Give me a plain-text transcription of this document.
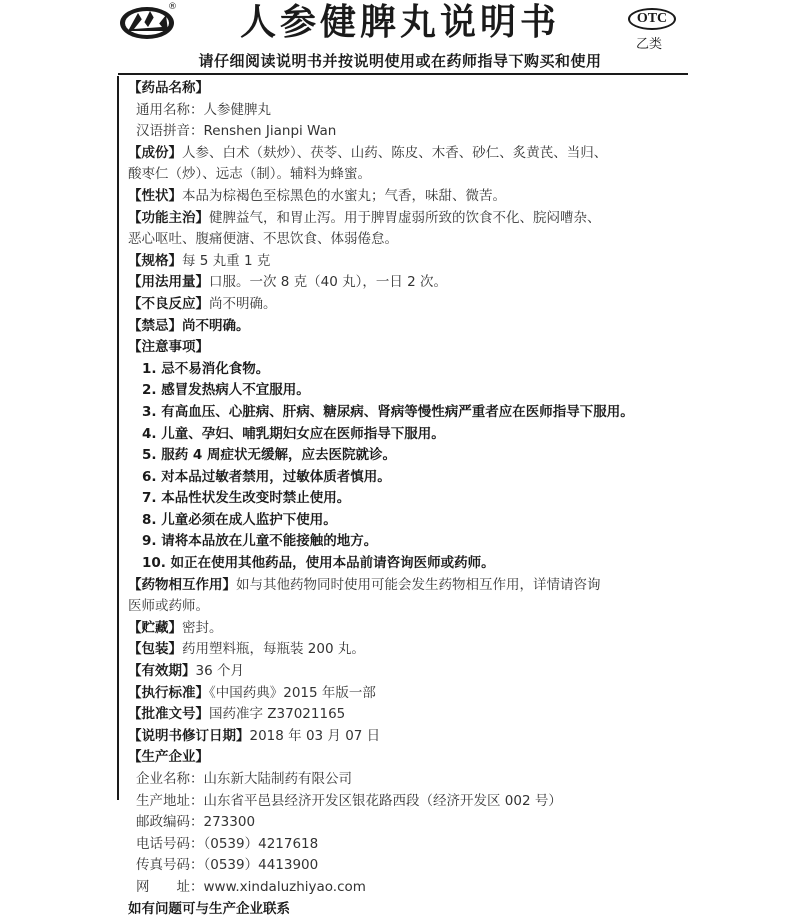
®	人参健脾丸说明书	OTC
乙类
请仔细阅读说明书并按说明使用或在药师指导下购买和使用
【药品名称】
通用名称：人参健脾丸
汉语拼音：Renshen Jianpi Wan
【成份】人参、白术（麸炒）、茯苓、山药、陈皮、木香、砂仁、炙黄芪、当归、
酸枣仁（炒）、远志（制）。辅料为蜂蜜。
【性状】本品为棕褐色至棕黑色的水蜜丸；气香，味甜、微苦。
【功能主治】健脾益气，和胃止泻。用于脾胃虚弱所致的饮食不化、脘闷嘈杂、
恶心呕吐、腹痛便溏、不思饮食、体弱倦怠。
【规格】每 5 丸重 1 克
【用法用量】口服。一次 8 克（40 丸），一日 2 次。
【不良反应】尚不明确。
【禁忌】尚不明确。
【注意事项】
1. 忌不易消化食物。
2. 感冒发热病人不宜服用。
3. 有高血压、心脏病、肝病、糖尿病、肾病等慢性病严重者应在医师指导下服用。
4. 儿童、孕妇、哺乳期妇女应在医师指导下服用。
5. 服药 4 周症状无缓解，应去医院就诊。
6. 对本品过敏者禁用，过敏体质者慎用。
7. 本品性状发生改变时禁止使用。
8. 儿童必须在成人监护下使用。
9. 请将本品放在儿童不能接触的地方。
10. 如正在使用其他药品，使用本品前请咨询医师或药师。
【药物相互作用】如与其他药物同时使用可能会发生药物相互作用，详情请咨询
医师或药师。
【贮藏】密封。
【包装】药用塑料瓶，每瓶装 200 丸。
【有效期】36 个月
【执行标准】《中国药典》2015 年版一部
【批准文号】国药准字 Z37021165
【说明书修订日期】2018 年 03 月 07 日
【生产企业】
企业名称：山东新大陆制药有限公司
生产地址：山东省平邑县经济开发区银花路西段（经济开发区 002 号）
邮政编码：273300
电话号码：（0539）4217618
传真号码：（0539）4413900
网　　址：www.xindaluzhiyao.com
如有问题可与生产企业联系
